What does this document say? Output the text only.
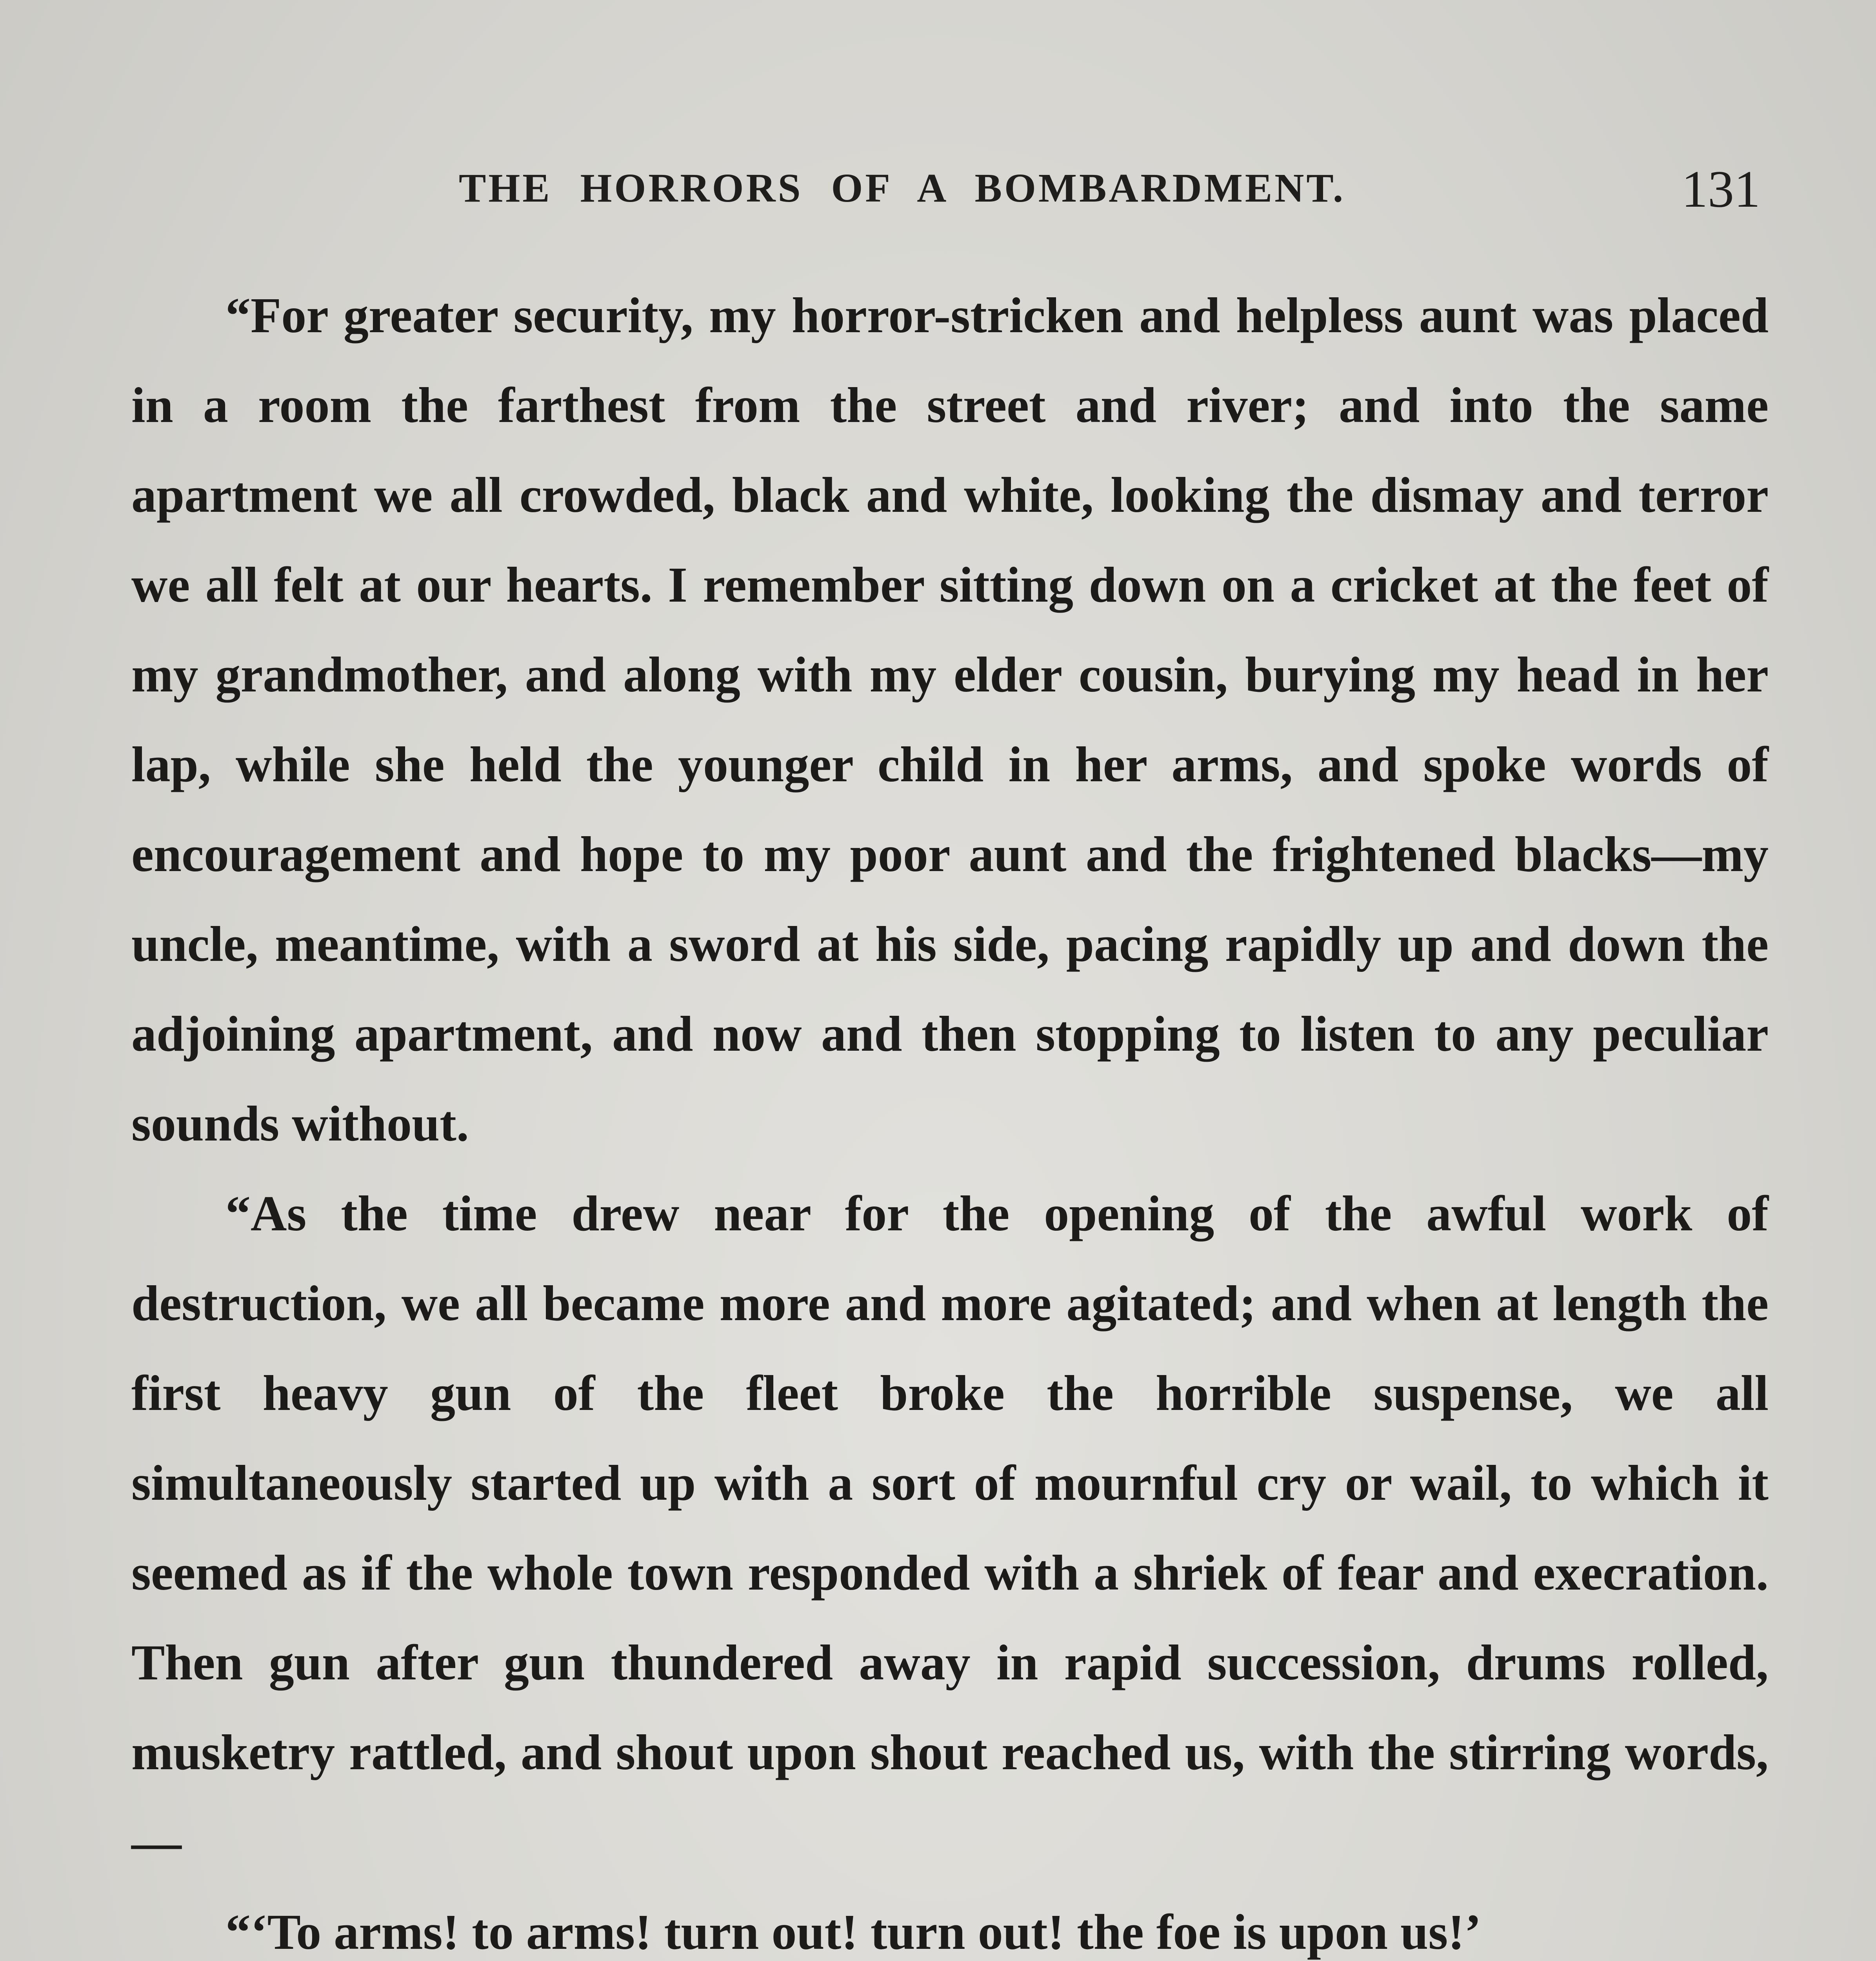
THE HORRORS OF A BOMBARDMENT.	131

“For greater security, my horror-stricken and helpless aunt was placed in a room the farthest from the street and river; and into the same apartment we all crowded, black and white, looking the dismay and terror we all felt at our hearts. I remember sitting down on a cricket at the feet of my grandmother, and along with my elder cousin, burying my head in her lap, while she held the younger child in her arms, and spoke words of encouragement and hope to my poor aunt and the frightened blacks—my uncle, meantime, with a sword at his side, pacing rapidly up and down the adjoining apartment, and now and then stopping to listen to any peculiar sounds without.

“As the time drew near for the opening of the awful work of destruction, we all became more and more agitated; and when at length the first heavy gun of the fleet broke the horrible suspense, we all simultaneously started up with a sort of mournful cry or wail, to which it seemed as if the whole town responded with a shriek of fear and execration. Then gun after gun thundered away in rapid succession, drums rolled, musketry rattled, and shout upon shout reached us, with the stirring words,—

“‘To arms! to arms! turn out! turn out! the foe is upon us!’
